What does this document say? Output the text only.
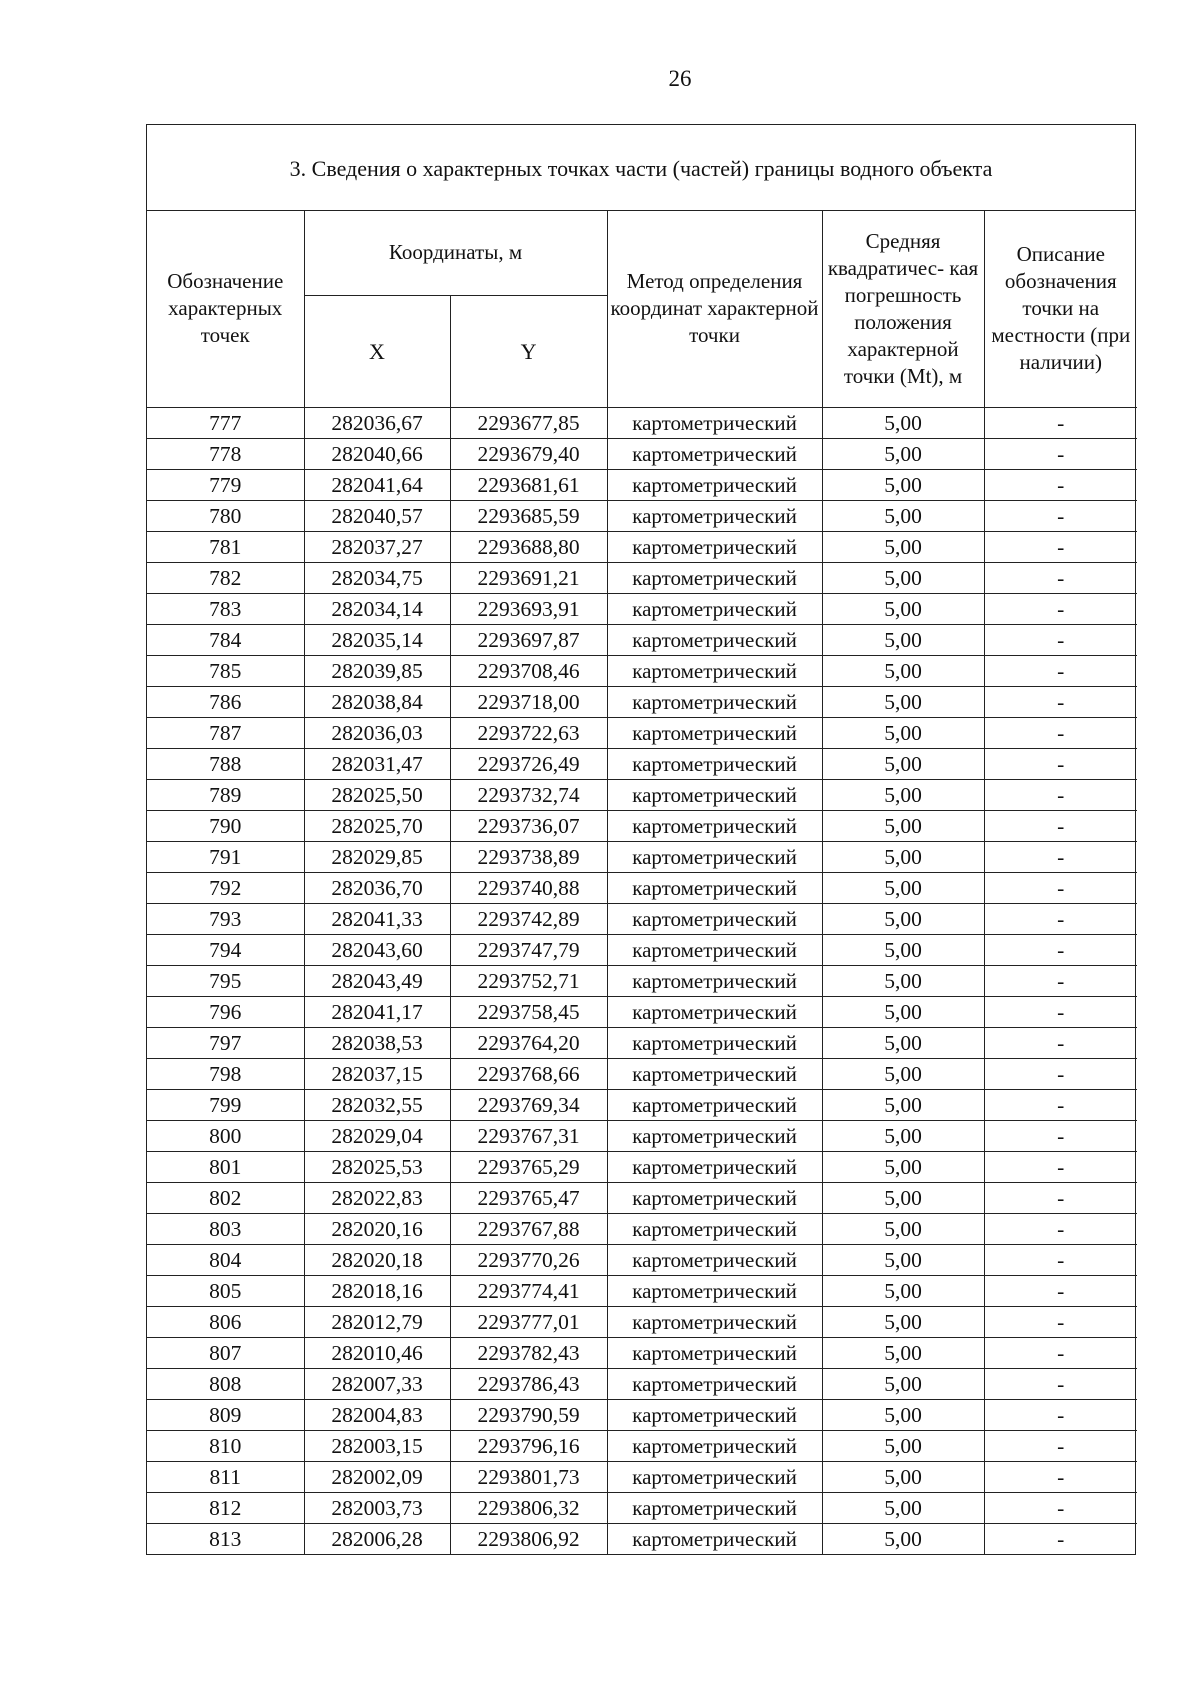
26
3. Сведения о характерных точках части (частей) границы водного объекта
Обозначение характерных точек	Координаты, м		Метод определения координат характерной точки	Средняя квадратичес- кая погрешность положения характерной точки (Mt), м	Описание обозначения точки на местности (при наличии)
	X	Y			
777	282036,67	2293677,85	картометрический	5,00	-
778	282040,66	2293679,40	картометрический	5,00	-
779	282041,64	2293681,61	картометрический	5,00	-
780	282040,57	2293685,59	картометрический	5,00	-
781	282037,27	2293688,80	картометрический	5,00	-
782	282034,75	2293691,21	картометрический	5,00	-
783	282034,14	2293693,91	картометрический	5,00	-
784	282035,14	2293697,87	картометрический	5,00	-
785	282039,85	2293708,46	картометрический	5,00	-
786	282038,84	2293718,00	картометрический	5,00	-
787	282036,03	2293722,63	картометрический	5,00	-
788	282031,47	2293726,49	картометрический	5,00	-
789	282025,50	2293732,74	картометрический	5,00	-
790	282025,70	2293736,07	картометрический	5,00	-
791	282029,85	2293738,89	картометрический	5,00	-
792	282036,70	2293740,88	картометрический	5,00	-
793	282041,33	2293742,89	картометрический	5,00	-
794	282043,60	2293747,79	картометрический	5,00	-
795	282043,49	2293752,71	картометрический	5,00	-
796	282041,17	2293758,45	картометрический	5,00	-
797	282038,53	2293764,20	картометрический	5,00	-
798	282037,15	2293768,66	картометрический	5,00	-
799	282032,55	2293769,34	картометрический	5,00	-
800	282029,04	2293767,31	картометрический	5,00	-
801	282025,53	2293765,29	картометрический	5,00	-
802	282022,83	2293765,47	картометрический	5,00	-
803	282020,16	2293767,88	картометрический	5,00	-
804	282020,18	2293770,26	картометрический	5,00	-
805	282018,16	2293774,41	картометрический	5,00	-
806	282012,79	2293777,01	картометрический	5,00	-
807	282010,46	2293782,43	картометрический	5,00	-
808	282007,33	2293786,43	картометрический	5,00	-
809	282004,83	2293790,59	картометрический	5,00	-
810	282003,15	2293796,16	картометрический	5,00	-
811	282002,09	2293801,73	картометрический	5,00	-
812	282003,73	2293806,32	картометрический	5,00	-
813	282006,28	2293806,92	картометрический	5,00	-
